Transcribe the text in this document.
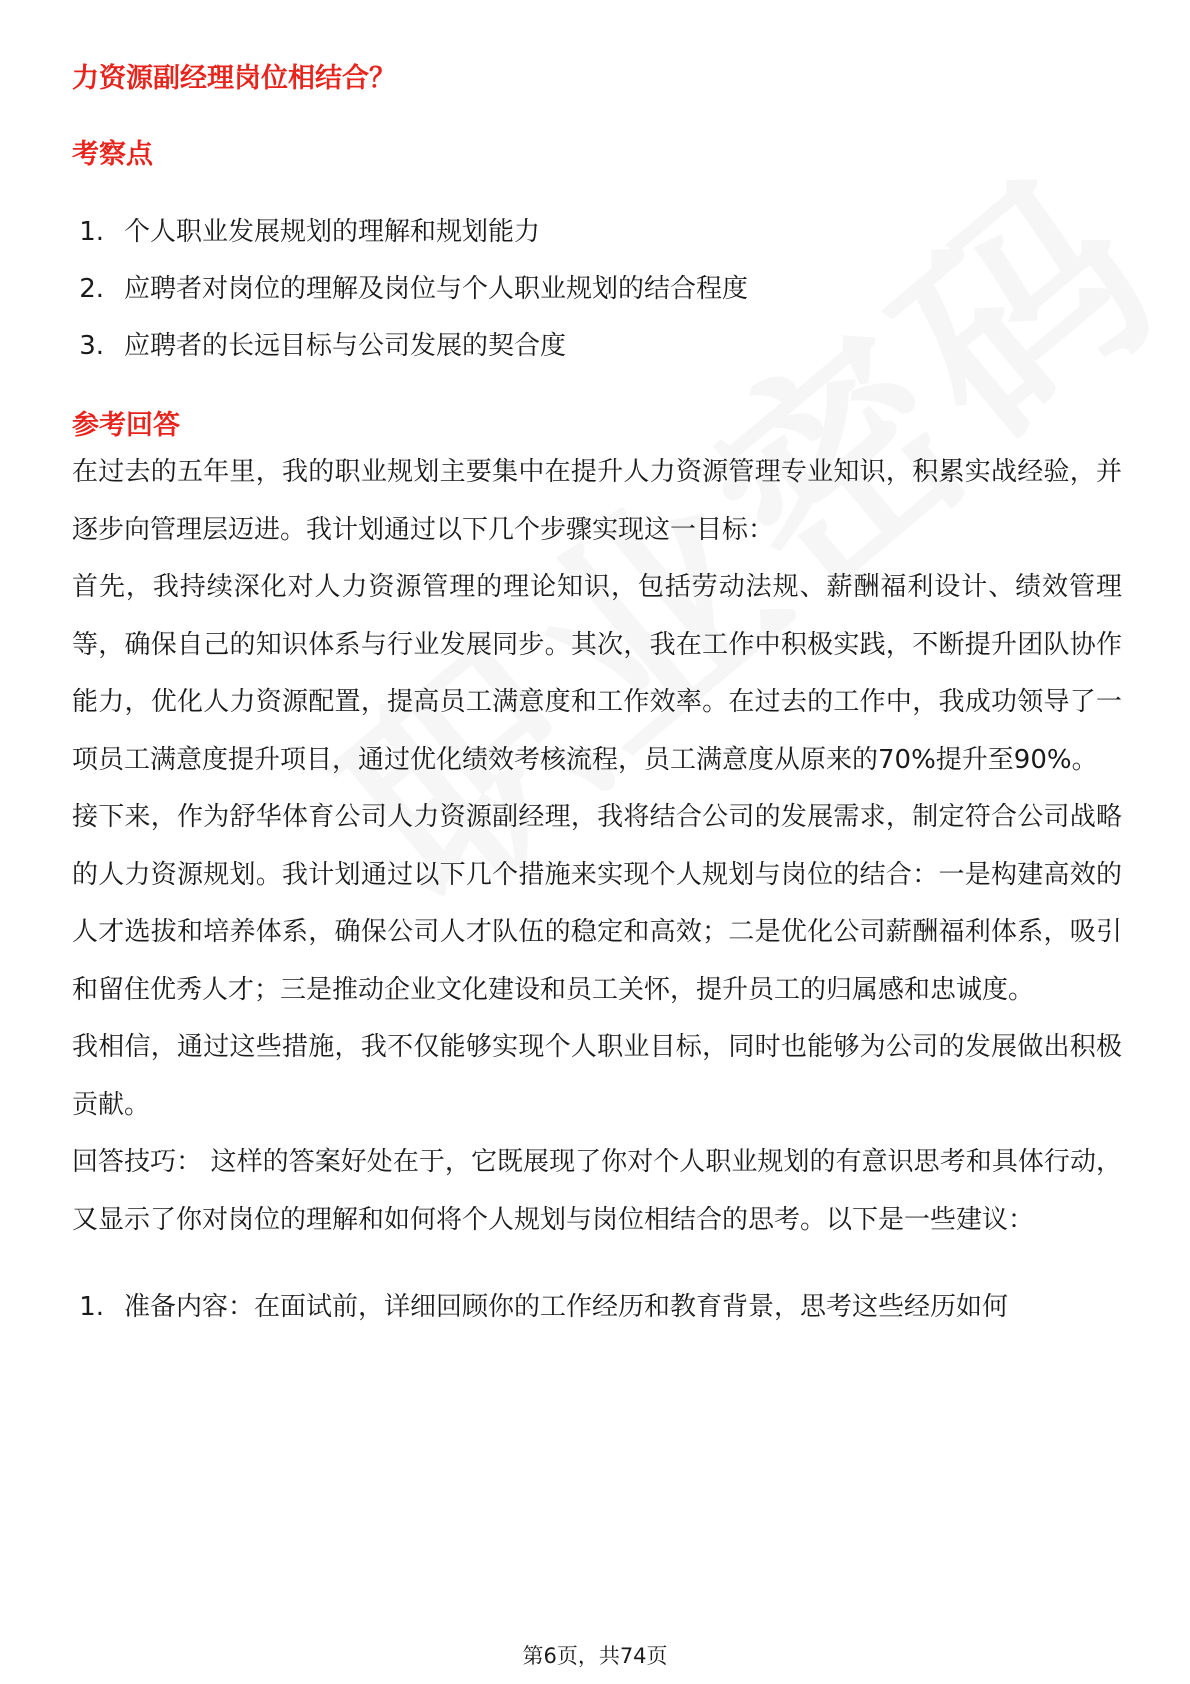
力资源副经理岗位相结合？
考察点
1. 个人职业发展规划的理解和规划能力
2. 应聘者对岗位的理解及岗位与个人职业规划的结合程度
3. 应聘者的长远目标与公司发展的契合度
参考回答

在过去的五年里，我的职业规划主要集中在提升人力资源管理专业知识，积累实战经验，并逐步向管理层迈进。我计划通过以下几个步骤实现这一目标：

首先，我持续深化对人力资源管理的理论知识，包括劳动法规、薪酬福利设计、绩效管理等，确保自己的知识体系与行业发展同步。其次，我在工作中积极实践，不断提升团队协作能力，优化人力资源配置，提高员工满意度和工作效率。在过去的工作中，我成功领导了一项员工满意度提升项目，通过优化绩效考核流程，员工满意度从原来的70%提升至90%。

接下来，作为舒华体育公司人力资源副经理，我将结合公司的发展需求，制定符合公司战略的人力资源规划。我计划通过以下几个措施来实现个人规划与岗位的结合：一是构建高效的人才选拔和培养体系，确保公司人才队伍的稳定和高效；二是优化公司薪酬福利体系，吸引和留住优秀人才；三是推动企业文化建设和员工关怀，提升员工的归属感和忠诚度。

我相信，通过这些措施，我不仅能够实现个人职业目标，同时也能够为公司的发展做出积极贡献。

回答技巧： 这样的答案好处在于，它既展现了你对个人职业规划的有意识思考和具体行动，又显示了你对岗位的理解和如何将个人规划与岗位相结合的思考。以下是一些建议：

1. 准备内容：在面试前，详细回顾你的工作经历和教育背景，思考这些经历如何
第6页，共74页
